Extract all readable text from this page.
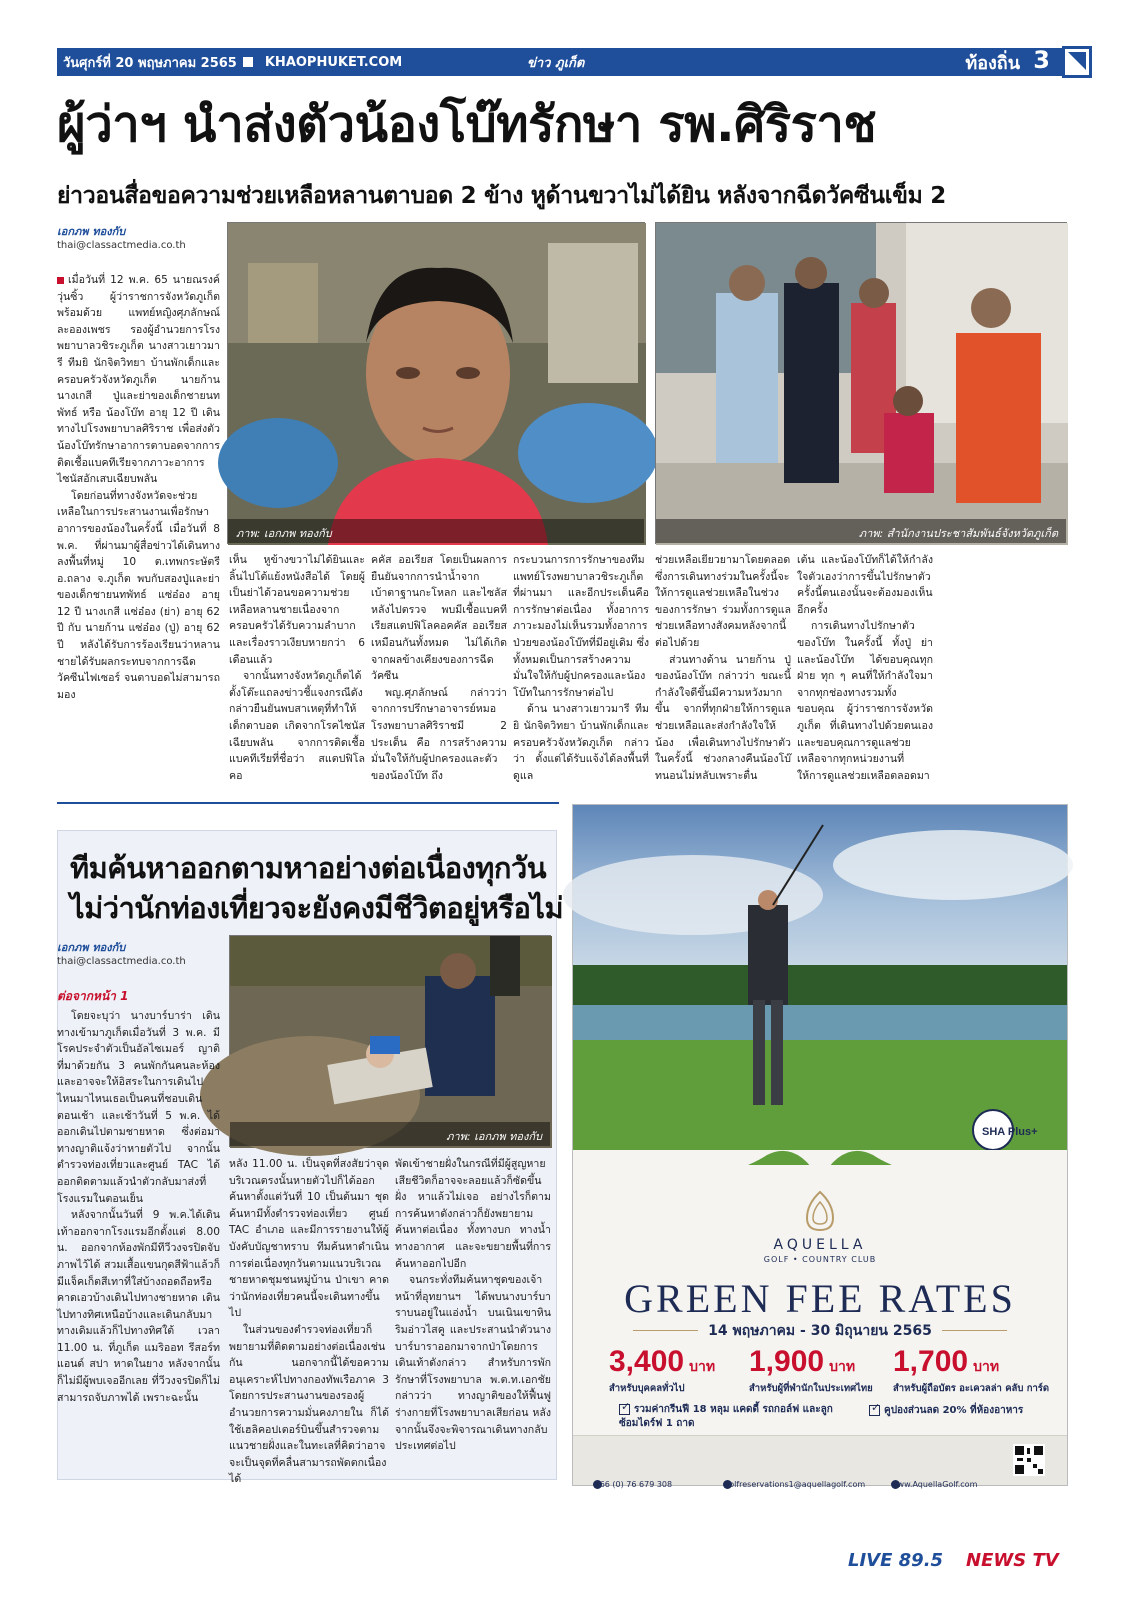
วันศุกร์ที่ 20 พฤษภาคม 2565	KHAOPHUKET.COM	ข่าว ภูเก็ต	ท้องถิ่น 3
ผู้ว่าฯ นำส่งตัวน้องโบ๊ทรักษา รพ.ศิริราช
ย่าวอนสื่อขอความช่วยเหลือหลานตาบอด 2 ข้าง หูด้านขวาไม่ได้ยิน หลังจากฉีดวัคซีนเข็ม 2
เอกภพ ทองกับ
thai@classactmedia.co.th

เมื่อวันที่ 12 พ.ค. 65 นายณรงค์ วุ่นซิ้ว ผู้ว่าราชการจังหวัดภูเก็ต พร้อมด้วย แพทย์หญิงศุภลักษณ์ ละอองเพชร รองผู้อำนวยการโรงพยาบาลวชิระภูเก็ต นางสาวเยาวมารี ทีมยิ นักจิตวิทยา บ้านพักเด็กและครอบครัวจังหวัดภูเก็ต นายก้าน นางเกสี ปู่และย่าของเด็กชายนทพัทธ์ หรือ น้องโบ๊ท อายุ 12 ปี เดินทางไปโรงพยาบาลศิริราช เพื่อส่งตัวน้องโบ๊ทรักษาอาการตาบอดจากการติดเชื้อแบคทีเรียจากภาวะอาการไซนัสอักเสบเฉียบพลัน

โดยก่อนที่ทางจังหวัดจะช่วยเหลือในการประสานงานเพื่อรักษาอาการของน้องในครั้งนี้ เมื่อวันที่ 8 พ.ค. ที่ผ่านมาผู้สื่อข่าวได้เดินทางลงพื้นที่หมู่ 10 ต.เทพกระษัตรี อ.ถลาง จ.ภูเก็ต พบกับสองปู่และย่าของเด็กชายนทพัทธ์ แซ่อ๋อง อายุ 12 ปี นางเกสี แซ่อ๋อง (ย่า) อายุ 62 ปี กับ นายก้าน แซ่อ๋อง (ปู่) อายุ 62 ปี หลังได้รับการร้องเรียนว่าหลานชายได้รับผลกระทบจากการฉีดวัคซีนไฟเซอร์ จนตาบอดไม่สามารถมอง

ภาพ: เอกภพ ทองกับ	ภาพ: สำนักงานประชาสัมพันธ์จังหวัดภูเก็ต

เห็น หูข้างขวาไม่ได้ยินและลิ้นไปโต้แย้งหนังสือได้ โดยผู้เป็นย่าได้วอนขอความช่วยเหลือหลานชายเนื่องจากครอบครัวได้รับความลำบากและเรื่องราวเงียบหายกว่า 6 เดือนแล้ว

จากนั้นทางจังหวัดภูเก็ตได้ตั้งโต๊ะแถลงข่าวชี้แจงกรณีดังกล่าวยืนยันพบสาเหตุที่ทำให้เด็กตาบอด เกิดจากโรคไซนัสเฉียบพลัน จากการติดเชื้อแบคทีเรียที่ชื่อว่า สแตปฟิโลคอ

คคัส ออเรียส โดยเป็นผลการยืนยันจากการนำน้ำจากเบ้าตาฐานกะโหลก และไซลัสหลังไปตรวจ พบมีเชื้อแบคทีเรียสแตปฟิโลคอคคัส ออเรียสเหมือนกันทั้งหมด ไม่ได้เกิดจากผลข้างเคียงของการฉีดวัคซีน

พญ.ศุภลักษณ์ กล่าวว่า จากการปรึกษาอาจารย์หมอโรงพยาบาลศิริราชมี 2 ประเด็น คือ การสร้างความมั่นใจให้กับผู้ปกครองและตัวของน้องโบ๊ท ถึง

กระบวนการการรักษาของทีมแพทย์โรงพยาบาลวชิระภูเก็ตที่ผ่านมา และอีกประเด็นคือการรักษาต่อเนื่อง ทั้งอาการภาวะมองไม่เห็นรวมทั้งอาการป่วยของน้องโบ๊ทที่มีอยู่เดิม ซึ่งทั้งหมดเป็นการสร้างความมั่นใจให้กับผู้ปกครองและน้องโบ๊ทในการรักษาต่อไป

ด้าน นางสาวเยาวมารี ทีมยิ นักจิตวิทยา บ้านพักเด็กและครอบครัวจังหวัดภูเก็ต กล่าวว่า ตั้งแต่ได้รับแจ้งได้ลงพื้นที่ดูแล

ช่วยเหลือเยียวยามาโดยตลอด ซึ่งการเดินทางร่วมในครั้งนี้จะให้การดูแลช่วยเหลือในช่วงของการรักษา ร่วมทั้งการดูแลช่วยเหลือทางสังคมหลังจากนี้ต่อไปด้วย

ส่วนทางด้าน นายก้าน ปู่ของน้องโบ๊ท กล่าวว่า ขณะนี้กำลังใจดีขึ้นมีความหวังมากขึ้น จากที่ทุกฝ่ายให้การดูแลช่วยเหลือและส่งกำลังใจให้น้อง เพื่อเดินทางไปรักษาตัวในครั้งนี้ ช่วงกลางคืนน้องโบ๊ทนอนไม่หลับเพราะตื่น

เต้น และน้องโบ๊ทก็ได้ให้กำลังใจตัวเองว่าการขึ้นไปรักษาตัวครั้งนี้ตนเองนั้นจะต้องมองเห็นอีกครั้ง

การเดินทางไปรักษาตัวของโบ๊ท ในครั้งนี้ ทั้งปู่ ย่า และน้องโบ๊ท ได้ขอบคุณทุกฝ่าย ทุก ๆ คนที่ให้กำลังใจมาจากทุกช่องทางรวมทั้งขอบคุณ ผู้ว่าราชการจังหวัดภูเก็ต ที่เดินทางไปด้วยตนเอง และขอบคุณการดูแลช่วยเหลือจากทุกหน่วยงานที่ให้การดูแลช่วยเหลือตลอดมา

ทีมค้นหาออกตามหาอย่างต่อเนื่องทุกวัน
ไม่ว่านักท่องเที่ยวจะยังคงมีชีวิตอยู่หรือไม่
เอกภพ ทองกับ
thai@classactmedia.co.th
ต่อจากหน้า 1
ภาพ: เอกภพ ทองกับ

โดยจะบุว่า นางบาร์บาร่า เดินทางเข้ามาภูเก็ตเมื่อวันที่ 3 พ.ค. มีโรคประจำตัวเป็นอัลไซเมอร์ ญาติที่มาด้วยกัน 3 คนพักกันคนละห้อง และอาจจะให้อิสระในการเดินไปไหนมาไหนเธอเป็นคนที่ชอบเดินตอนเช้า และเช้าวันที่ 5 พ.ค. ได้ออกเดินไปตามชายหาด ซึ่งต่อมาทางญาติแจ้งว่าหายตัวไป จากนั้นตำรวจท่องเที่ยวและศูนย์ TAC ได้ออกติดตามแล้วนำตัวกลับมาส่งที่โรงแรมในตอนเย็น

หลังจากนั้นวันที่ 9 พ.ค.ได้เดินเท้าออกจากโรงแรมอีกตั้งแต่ 8.00 น. ออกจากห้องพักมีทีวีวงจรปิดจับภาพไว้ได้ สวมเสื้อแขนกุดสีฟ้าแล้วก็มีแจ็คเก็ตสีเทาที่ใส่บ้างถอดถือหรือคาดเอวบ้างเดินไปทางชายหาด เดินไปทางทิศเหนือบ้างและเดินกลับมาทางเดิมแล้วก็ไปทางทิศใต้ เวลา 11.00 น. ที่ภูเก็ต แมริออท รีสอร์ท แอนด์ สปา หาดในยาง หลังจากนั้นก็ไม่มีผู้พบเจออีกเลย ที่วีวงจรปิดก็ไม่สามารถจับภาพได้ เพราะฉะนั้น

หลัง 11.00 น. เป็นจุดที่สงสัยว่าจุดบริเวณตรงนั้นหายตัวไปก็ได้ออกค้นหาตั้งแต่วันที่ 10 เป็นต้นมา ชุดค้นหามีทั้งตำรวจท่องเที่ยว ศูนย์ TAC อำเภอ และมีการรายงานให้ผู้บังคับบัญชาทราบ ทีมค้นหาดำเนินการต่อเนื่องทุกวันตามแนวบริเวณชายหาดชุมชนหมู่บ้าน ป่าเขา คาดว่านักท่องเที่ยวคนนี้จะเดินทางขึ้นไป

ในส่วนของตำรวจท่องเที่ยวก็พยายามที่ติดตามอย่างต่อเนื่องเช่นกัน นอกจากนี้ได้ขอความอนุเคราะห์ไปทางกองทัพเรือภาค 3 โดยการประสานงานของรองผู้อำนวยการความมั่นคงภายใน ก็ได้ใช้เฮลิคอปเตอร์บินขึ้นสำรวจตามแนวชายฝั่งและในทะเลที่คิดว่าอาจจะเป็นจุดที่คลื่นสามารถพัดตกเนื่องได้

พัดเข้าชายฝั่งในกรณีที่มีผู้สูญหายเสียชีวิตก็อาจจะลอยแล้วก็ซัดขึ้นฝั่ง หาแล้วไม่เจอ อย่างไรก็ตามการค้นหาดังกล่าวก็ยังพยายามค้นหาต่อเนื่อง ทั้งทางบก ทางน้ำทางอากาศ และจะขยายพื้นที่การค้นหาออกไปอีก

จนกระทั่งทีมค้นหาชุดของเจ้าหน้าที่อุทยานฯ ได้พบนางบาร์บาราบนอยู่ในแอ่งน้ำ บนเนินเขาหินริมอ่าวไสคู และประสานนำตัวนางบาร์บาราออกมาจากป่าโดยการเดินเท้าดังกล่าว สำหรับการพักรักษาที่โรงพยาบาล พ.ต.ท.เอกชัย กล่าวว่า ทางญาติของให้ฟื้นฟูร่างกายที่โรงพยาบาลเสียก่อน หลังจากนั้นจึงจะพิจารณาเดินทางกลับประเทศต่อไป

SHA Plus+
AQUELLA
GOLF • COUNTRY CLUB
GREEN FEE RATES
14 พฤษภาคม - 30 มิถุนายน 2565
3,400 บาท
สำหรับบุคคลทั่วไป
1,900 บาท
สำหรับผู้ที่พำนักในประเทศไทย
1,700 บาท
สำหรับผู้ถือบัตร อะเควลล่า คลับ การ์ด
✓รวมค่ากรีนฟี 18 หลุม แคดดี้ รถกอล์ฟ และลูกซ้อมไดร์ฟ 1 ถาด
✓คูปองส่วนลด 20% ที่ห้องอาหาร
+66 (0) 76 679 308	Golfreservations1@aquellagolf.com	www.AquellaGolf.com
LIVE 89.5 NEWS TV
